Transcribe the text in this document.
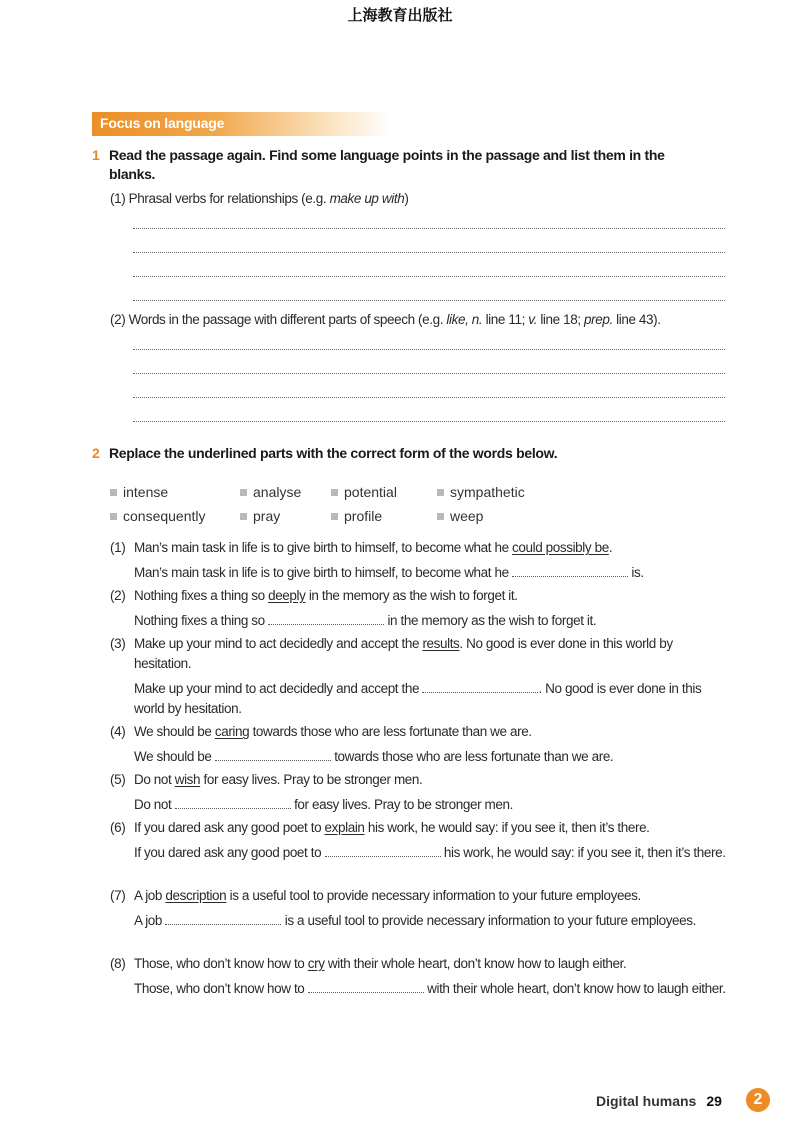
上海教育出版社
Focus on language
1 Read the passage again. Find some language points in the passage and list them in the blanks.
(1) Phrasal verbs for relationships (e.g. make up with)
(2) Words in the passage with different parts of speech (e.g. like, n. line 11; v. line 18; prep. line 43).
2 Replace the underlined parts with the correct form of the words below.
intense	analyse	potential	sympathetic
consequently	pray	profile	weep
(1) Man’s main task in life is to give birth to himself, to become what he could possibly be.
Man’s main task in life is to give birth to himself, to become what he	is.
(2) Nothing fixes a thing so deeply in the memory as the wish to forget it.
Nothing fixes a thing so	in the memory as the wish to forget it.
(3) Make up your mind to act decidedly and accept the results. No good is ever done in this world by hesitation.
Make up your mind to act decidedly and accept the	. No good is ever done in this world by hesitation.
(4) We should be caring towards those who are less fortunate than we are.
We should be	towards those who are less fortunate than we are.
(5) Do not wish for easy lives. Pray to be stronger men.
Do not	for easy lives. Pray to be stronger men.
(6) If you dared ask any good poet to explain his work, he would say: if you see it, then it’s there.
If you dared ask any good poet to	his work, he would say: if you see it, then it’s there.
(7) A job description is a useful tool to provide necessary information to your future employees.
A job	is a useful tool to provide necessary information to your future employees.
(8) Those, who don’t know how to cry with their whole heart, don’t know how to laugh either.
Those, who don’t know how to	with their whole heart, don’t know how to laugh either.
Digital humans 29	2
